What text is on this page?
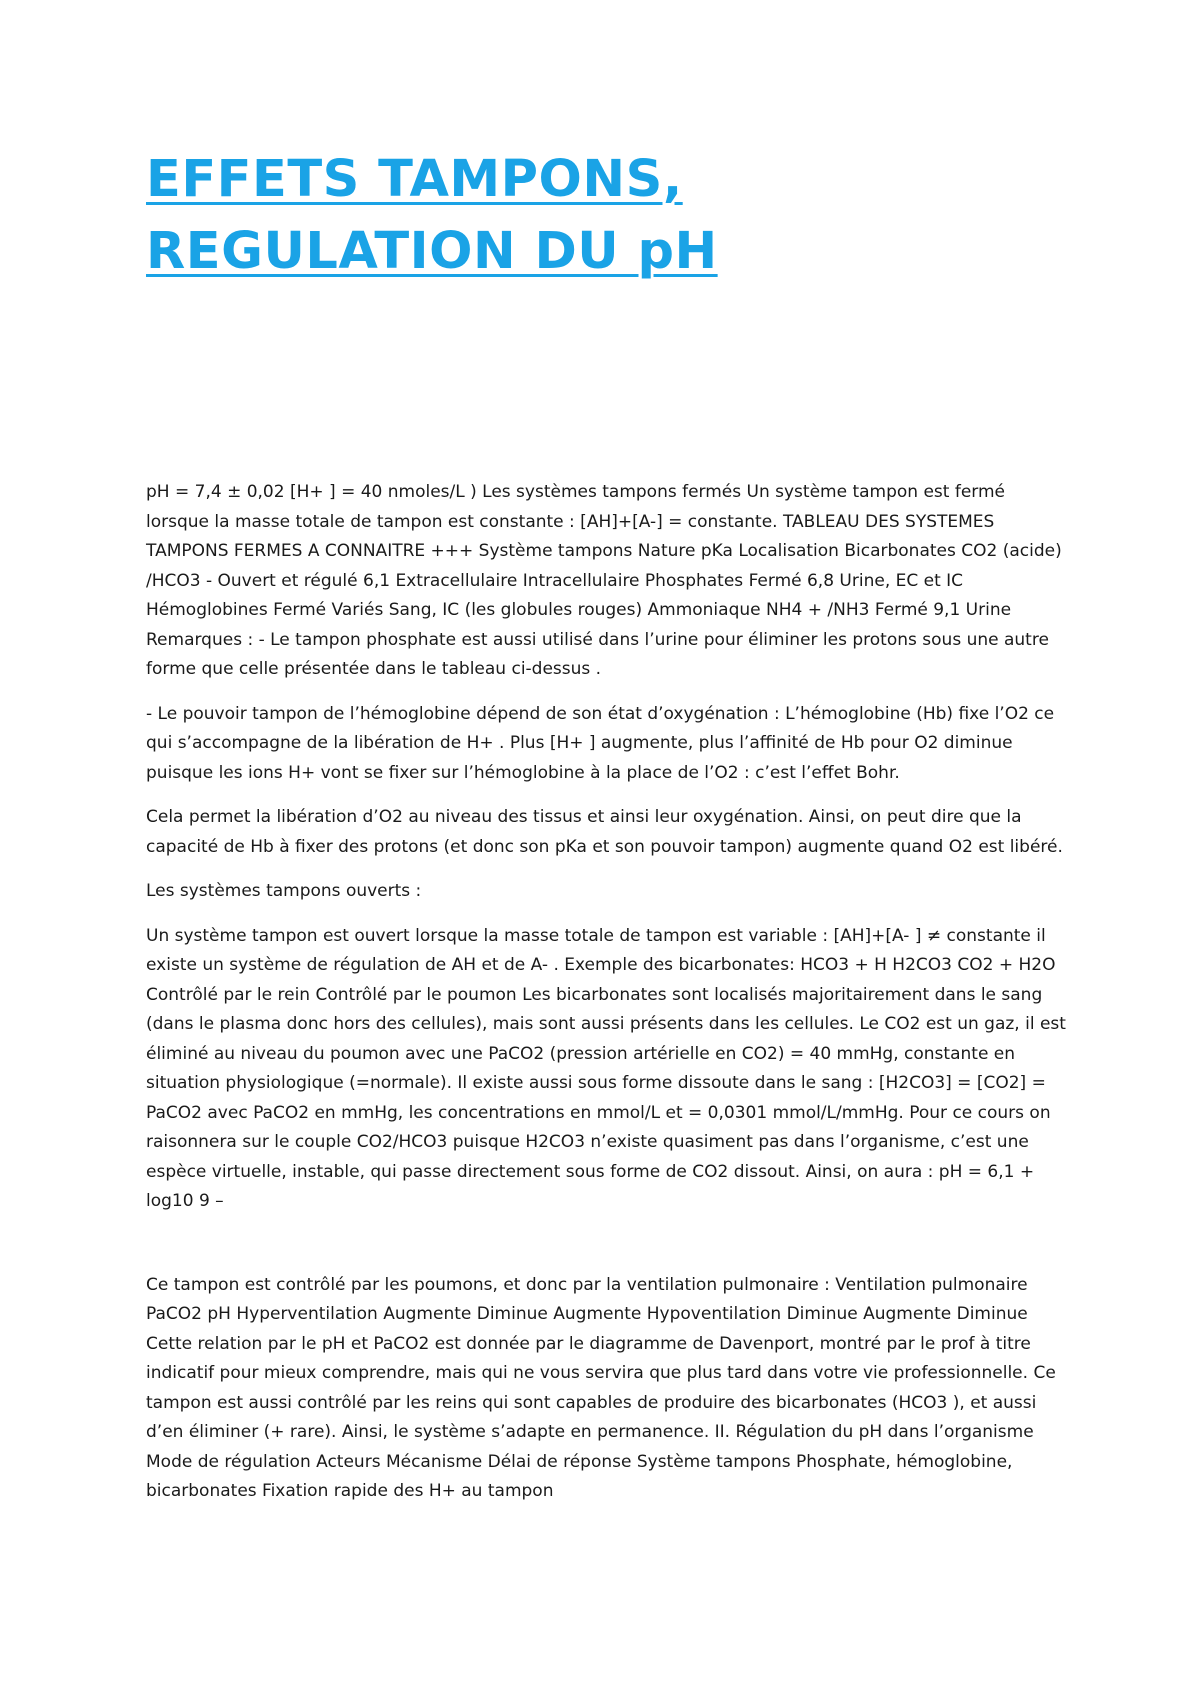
EFFETS TAMPONS,
REGULATION DU pH

pH = 7,4 ± 0,02 [H+ ] = 40 nmoles/L ) Les systèmes tampons fermés Un système tampon est fermé lorsque la masse totale de tampon est constante : [AH]+[A-] = constante. TABLEAU DES SYSTEMES TAMPONS FERMES A CONNAITRE +++ Système tampons Nature pKa Localisation Bicarbonates CO2 (acide) /HCO3 - Ouvert et régulé 6,1 Extracellulaire Intracellulaire Phosphates Fermé 6,8 Urine, EC et IC Hémoglobines Fermé Variés Sang, IC (les globules rouges) Ammoniaque NH4 + /NH3 Fermé 9,1 Urine Remarques : - Le tampon phosphate est aussi utilisé dans l’urine pour éliminer les protons sous une autre forme que celle présentée dans le tableau ci-dessus .

- Le pouvoir tampon de l’hémoglobine dépend de son état d’oxygénation : L’hémoglobine (Hb) fixe l’O2 ce qui s’accompagne de la libération de H+ . Plus [H+ ] augmente, plus l’affinité de Hb pour O2 diminue puisque les ions H+ vont se fixer sur l’hémoglobine à la place de l’O2 : c’est l’effet Bohr.

Cela permet la libération d’O2 au niveau des tissus et ainsi leur oxygénation. Ainsi, on peut dire que la capacité de Hb à fixer des protons (et donc son pKa et son pouvoir tampon) augmente quand O2 est libéré.

Les systèmes tampons ouverts :

Un système tampon est ouvert lorsque la masse totale de tampon est variable : [AH]+[A- ] ≠ constante il existe un système de régulation de AH et de A- . Exemple des bicarbonates: HCO3 + H H2CO3 CO2 + H2O Contrôlé par le rein Contrôlé par le poumon Les bicarbonates sont localisés majoritairement dans le sang (dans le plasma donc hors des cellules), mais sont aussi présents dans les cellules. Le CO2 est un gaz, il est éliminé au niveau du poumon avec une PaCO2 (pression artérielle en CO2) = 40 mmHg, constante en situation physiologique (=normale). Il existe aussi sous forme dissoute dans le sang : [H2CO3] = [CO2] = PaCO2 avec PaCO2 en mmHg, les concentrations en mmol/L et = 0,0301 mmol/L/mmHg. Pour ce cours on raisonnera sur le couple CO2/HCO3 puisque H2CO3 n’existe quasiment pas dans l’organisme, c’est une espèce virtuelle, instable, qui passe directement sous forme de CO2 dissout. Ainsi, on aura : pH = 6,1 + log10 9 –

Ce tampon est contrôlé par les poumons, et donc par la ventilation pulmonaire : Ventilation pulmonaire PaCO2 pH Hyperventilation Augmente Diminue Augmente Hypoventilation Diminue Augmente Diminue Cette relation par le pH et PaCO2 est donnée par le diagramme de Davenport, montré par le prof à titre indicatif pour mieux comprendre, mais qui ne vous servira que plus tard dans votre vie professionnelle. Ce tampon est aussi contrôlé par les reins qui sont capables de produire des bicarbonates (HCO3 ), et aussi d’en éliminer (+ rare). Ainsi, le système s’adapte en permanence. II. Régulation du pH dans l’organisme Mode de régulation Acteurs Mécanisme Délai de réponse Système tampons Phosphate, hémoglobine, bicarbonates Fixation rapide des H+ au tampon
